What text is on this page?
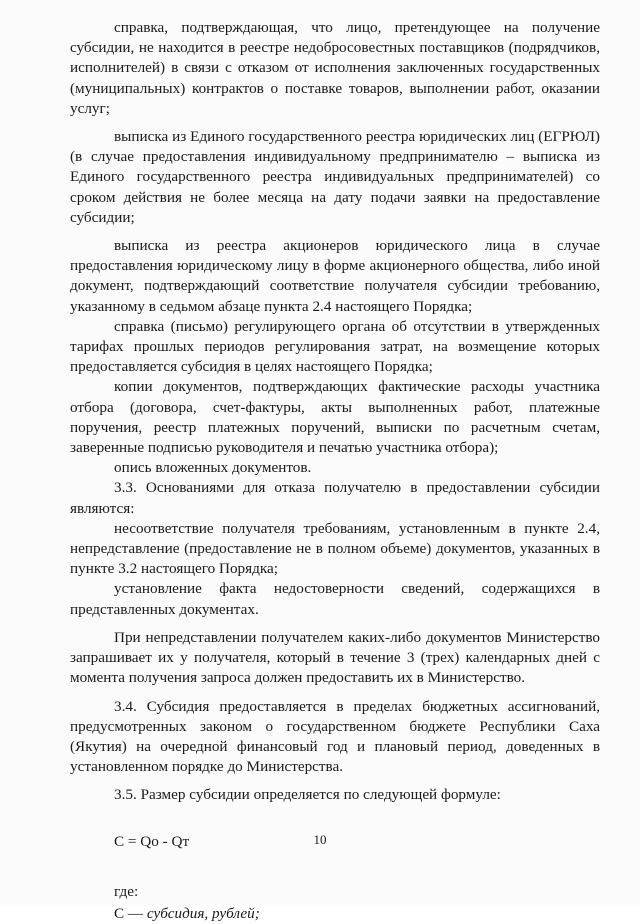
справка, подтверждающая, что лицо, претендующее на получение субсидии, не находится в реестре недобросовестных поставщиков (подрядчиков, исполнителей) в связи с отказом от исполнения заключенных государственных (муниципальных) контрактов о поставке товаров, выполнении работ, оказании услуг;

выписка из Единого государственного реестра юридических лиц (ЕГРЮЛ) (в случае предоставления индивидуальному предпринимателю – выписка из Единого государственного реестра индивидуальных предпринимателей) со сроком действия не более месяца на дату подачи заявки на предоставление субсидии;

выписка из реестра акционеров юридического лица в случае предоставления юридическому лицу в форме акционерного общества, либо иной документ, подтверждающий соответствие получателя субсидии требованию, указанному в седьмом абзаце пункта 2.4 настоящего Порядка;

справка (письмо) регулирующего органа об отсутствии в утвержденных тарифах прошлых периодов регулирования затрат, на возмещение которых предоставляется субсидия в целях настоящего Порядка;

копии документов, подтверждающих фактические расходы участника отбора (договора, счет-фактуры, акты выполненных работ, платежные поручения, реестр платежных поручений, выписки по расчетным счетам, заверенные подписью руководителя и печатью участника отбора);

опись вложенных документов.

3.3. Основаниями для отказа получателю в предоставлении субсидии являются:

несоответствие получателя требованиям, установленным в пункте 2.4, непредставление (предоставление не в полном объеме) документов, указанных в пункте 3.2 настоящего Порядка;

установление факта недостоверности сведений, содержащихся в представленных документах.

При непредставлении получателем каких-либо документов Министерство запрашивает их у получателя, который в течение 3 (трех) календарных дней с момента получения запроса должен предоставить их в Министерство.

3.4. Субсидия предоставляется в пределах бюджетных ассигнований, предусмотренных законом о государственном бюджете Республики Саха (Якутия) на очередной финансовый год и плановый период, доведенных в установленном порядке до Министерства.

3.5. Размер субсидии определяется по следующей формуле:

С = Qо - Qт
где:
С — субсидия, рублей;
10
